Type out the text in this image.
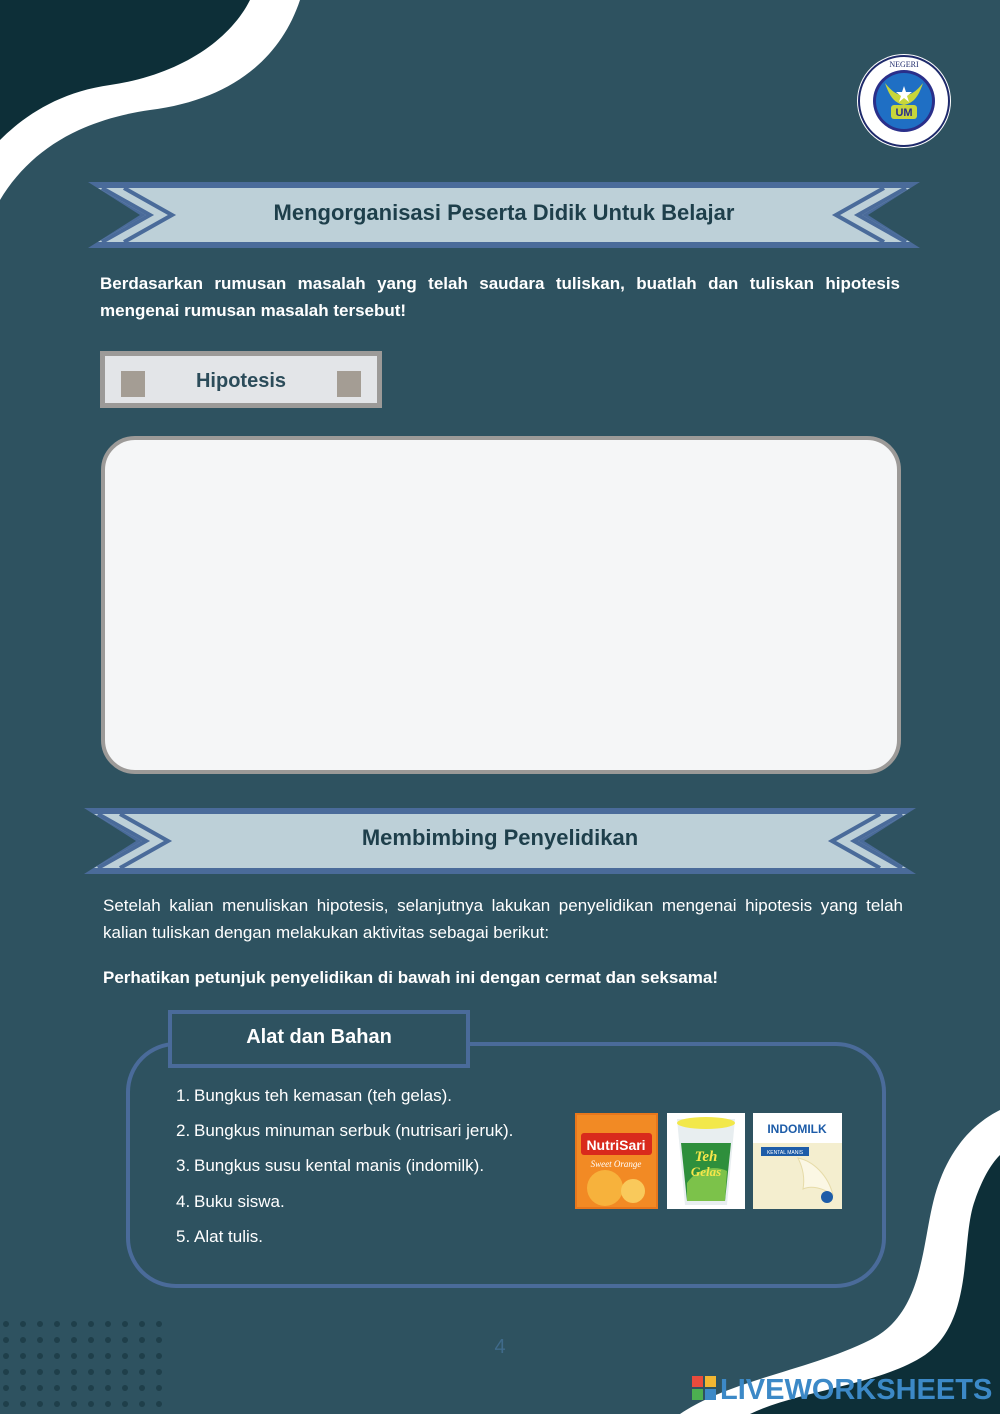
UM
NEGERI
Mengorganisasi Peserta Didik Untuk Belajar
Berdasarkan rumusan masalah yang telah saudara tuliskan, buatlah dan tuliskan hipotesis mengenai rumusan masalah tersebut!
Hipotesis
Membimbing Penyelidikan
Setelah kalian menuliskan hipotesis, selanjutnya lakukan penyelidikan mengenai hipotesis yang telah kalian tuliskan dengan melakukan aktivitas sebagai berikut:
Perhatikan petunjuk penyelidikan di bawah ini dengan cermat dan seksama!
Alat dan Bahan
1. Bungkus teh kemasan (teh gelas).
2. Bungkus minuman serbuk (nutrisari jeruk).
3. Bungkus susu kental manis (indomilk).
4. Buku siswa.
5. Alat tulis.
NutriSari
Sweet Orange	Teh
Gelas
INDOMILK
KENTAL MANIS
4
LIVEWORKSHEETS
